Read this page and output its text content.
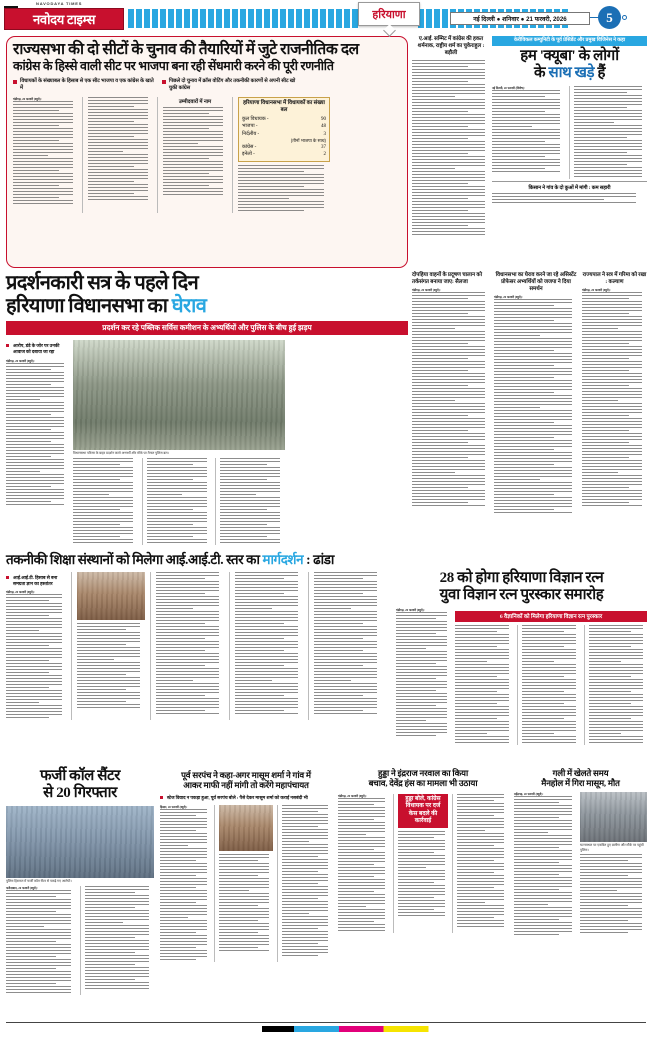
NAVODAYA TIMES
नवोदय टाइम्स	हरियाणा	नई दिल्ली ● शनिवार ● 21 फरवरी, 2026	5
राज्यसभा की दो सीटों के चुनाव की तैयारियों में जुटे राजनीतिक दल
कांग्रेस के हिस्से वाली सीट पर भाजपा बना रही सेंधमारी करने की पूरी रणनीति

विधायकों के संख्याबल के हिसाब से एक सीट भाजपा व एक कांग्रेस के खाते में

पिछले दो चुनाव में क्रॉस वोटिंग और तकनीकी कारणों से अपनी सीट खो चुकी कांग्रेस

चंडीगढ़, 20 फरवरी (ब्यूरो):	उम्मीदवारों में नाम	हरियाणा विधानसभा में विधायकों का संख्या बल
कुल विधायक -	90
भाजपा -	48
निर्दलीय -	3
(तीनों भाजपा के साथ)
कांग्रेस -	37
इनेलो -	2
ए.आई. सम्मिट में कांग्रेस की हकत शर्मनाक, राष्ट्रीय शर्म का चुकेराहुल : बड़ौली
केरीविकल कम्युनिटी के पूर्व प्रेसिडेंट और प्रमुख विजिनेस ने कहा
हम 'क्यूबा' के लोगों
के साथ खड़े हैं
नई दिल्ली, 20 फरवरी (विशेष):
किसान ने गांव के दो कुओं में मांगी : कम सहारी
प्रदर्शनकारी सत्र के पहले दिन
हरियाणा विधानसभा का घेराव
प्रदर्शन कर रहे पब्लिक सर्विस कमीशन के अभ्यर्थियों और पुलिस के बीच हुई झड़प

आरोप, डंडे के जोर पर उनकी आवाज को दबाया जा रहा

चंडीगढ़, 20 फरवरी (ब्यूरो):
विधानसभा परिसर के बाहर प्रदर्शन करते अभ्यर्थी और मौके पर तैनात पुलिस बल।
दोपहिया वाहनों के प्रदूषण चालान को तर्कसंगत बनाया जाए: सैलजा
चंडीगढ़, 20 फरवरी (ब्यूरो):
विधानसभा का घेराव करने जा रहे असिस्टेंट प्रोफेसर अभ्यर्थियों को जजपा ने दिया समर्थन
चंडीगढ़, 20 फरवरी (ब्यूरो):
राज्यपाल ने सत्र में गरिमा को रखा : कल्याण
चंडीगढ़, 20 फरवरी (ब्यूरो):
तकनीकी शिक्षा संस्थानों को मिलेगा आई.आई.टी. स्तर का मार्गदर्शन : ढांडा

आई.आई.टी. हिसाब से बना समग्रता ज्ञान का हस्तांतर

चंडीगढ़, 20 फरवरी (ब्यूरो):
28 को होगा हरियाणा विज्ञान रत्न
युवा विज्ञान रत्न पुरस्कार समारोह
चंडीगढ़, 20 फरवरी (ब्यूरो):
6 वैज्ञानिकों को मिलेगा हरियाणा विज्ञान रत्न पुरस्कार
फर्जी कॉल सैंटर
से 20 गिरफ्तार
पुलिस हिरासत में फर्जी कॉल सैंटर से पकड़े गए आरोपी।
फरीदाबाद, 20 फरवरी (ब्यूरो):
पूर्व सरपंच ने कहा-अगर मासूम शर्मा ने गांव में
आकर माफी नहीं मांगी तो करेंगे महापंचायत

स्टेज विवाद न पकड़ा हुआ, पूर्व सरपंच बोले : पैसे देकर मासूम शर्मा को कराई नसबंदी भी

हिसार, 20 फरवरी (ब्यूरो):
हुड्डा ने इंद्रराज नरवाल का किया
बचाव, देवेंद्र हंस का मामला भी उठाया
चंडीगढ़, 20 फरवरी (ब्यूरो):	हुड्डा बोले, कांग्रेस विधायक पर दर्ज केस बदले की कार्रवाई
गली में खेलते समय
मैनहोल में गिरा मासूम, मौत
महेंद्रगढ़, 20 फरवरी (ब्यूरो):
घटनास्थल पर एकत्रित हुए ग्रामीण और मौके पर पहुंची पुलिस।
